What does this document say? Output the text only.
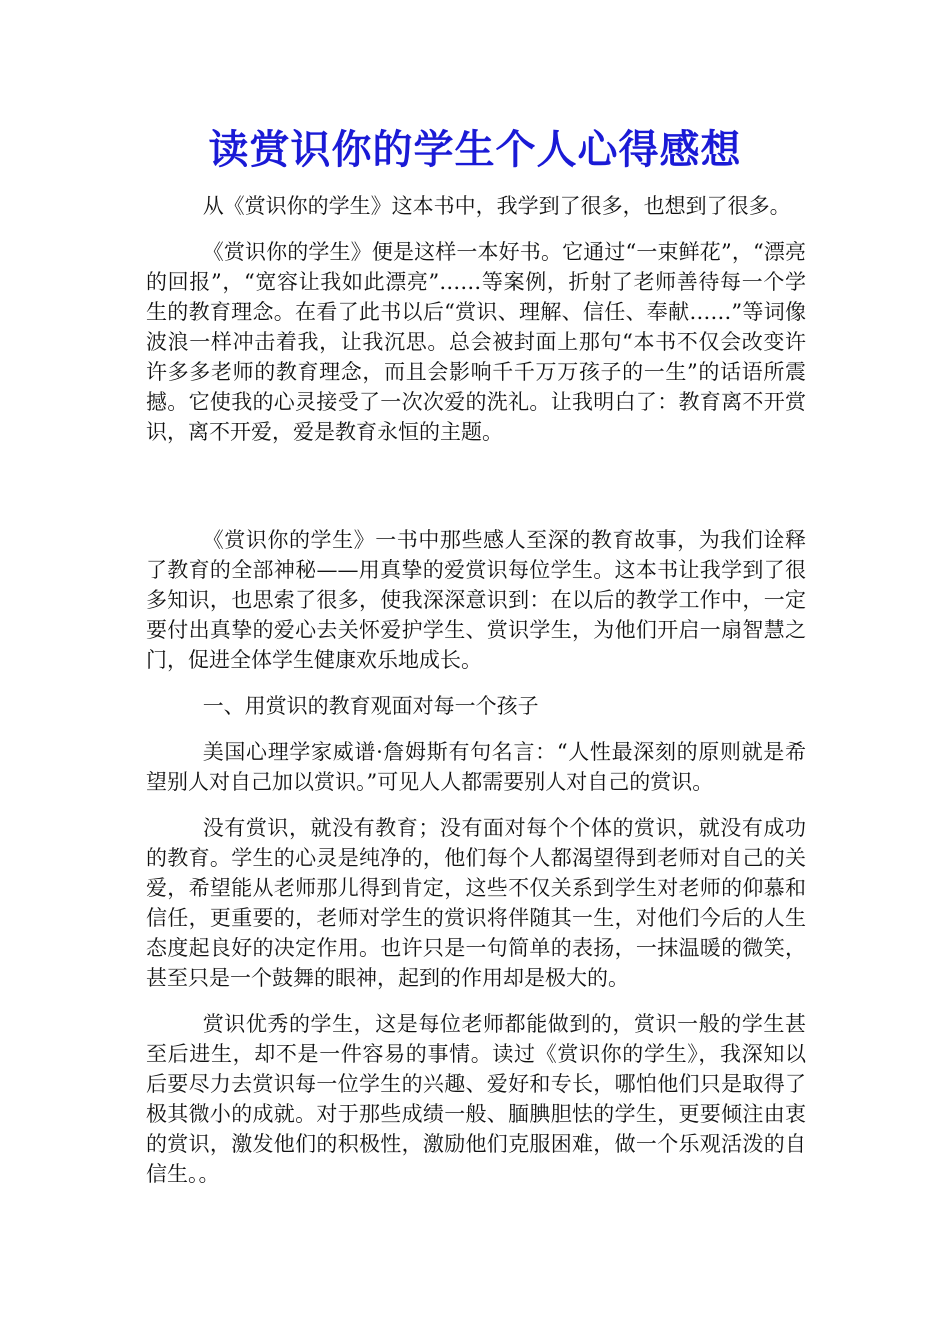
读赏识你的学生个人心得感想

从《赏识你的学生》这本书中，我学到了很多，也想到了很多。

《赏识你的学生》便是这样一本好书。它通过“一束鲜花”，“漂亮的回报”，“宽容让我如此漂亮”……等案例，折射了老师善待每一个学生的教育理念。在看了此书以后“赏识、理解、信任、奉献……”等词像波浪一样冲击着我，让我沉思。总会被封面上那句“本书不仅会改变许许多多老师的教育理念，而且会影响千千万万孩子的一生”的话语所震撼。它使我的心灵接受了一次次爱的洗礼。让我明白了：教育离不开赏识，离不开爱，爱是教育永恒的主题。

《赏识你的学生》一书中那些感人至深的教育故事，为我们诠释了教育的全部神秘——用真挚的爱赏识每位学生。这本书让我学到了很多知识，也思索了很多，使我深深意识到：在以后的教学工作中，一定要付出真挚的爱心去关怀爱护学生、赏识学生，为他们开启一扇智慧之门，促进全体学生健康欢乐地成长。

一、用赏识的教育观面对每一个孩子

美国心理学家威谱·詹姆斯有句名言：“人性最深刻的原则就是希望别人对自己加以赏识。”可见人人都需要别人对自己的赏识。

没有赏识，就没有教育；没有面对每个个体的赏识，就没有成功的教育。学生的心灵是纯净的，他们每个人都渴望得到老师对自己的关爱，希望能从老师那儿得到肯定，这些不仅关系到学生对老师的仰慕和信任，更重要的，老师对学生的赏识将伴随其一生，对他们今后的人生态度起良好的决定作用。也许只是一句简单的表扬，一抹温暖的微笑，甚至只是一个鼓舞的眼神，起到的作用却是极大的。

赏识优秀的学生，这是每位老师都能做到的，赏识一般的学生甚至后进生，却不是一件容易的事情。读过《赏识你的学生》，我深知以后要尽力去赏识每一位学生的兴趣、爱好和专长，哪怕他们只是取得了极其微小的成就。对于那些成绩一般、腼腆胆怯的学生，更要倾注由衷的赏识，激发他们的积极性，激励他们克服困难，做一个乐观活泼的自信生。。
